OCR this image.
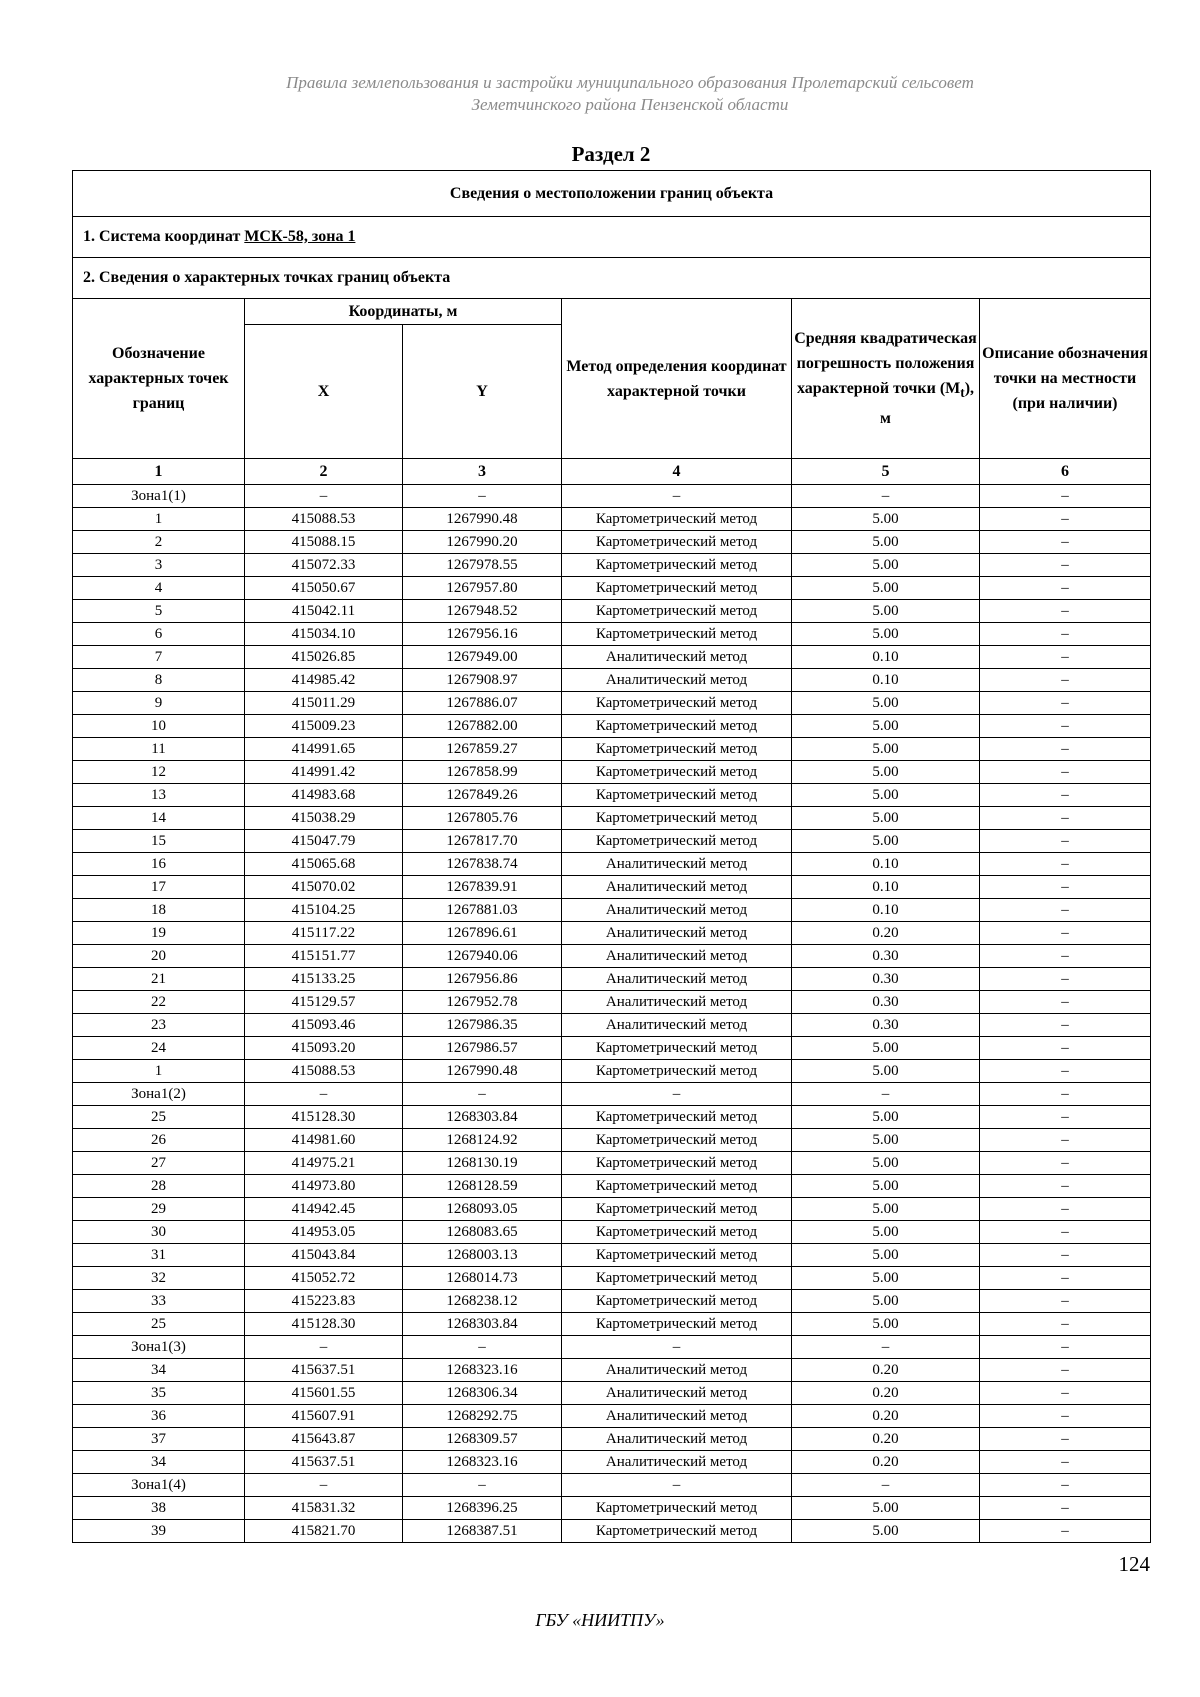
Правила землепользования и застройки муниципального образования Пролетарский сельсовет
Земетчинского района Пензенской области
Раздел 2
Сведения о местоположении границ объекта					
1. Система координат МСК-58, зона 1					
2. Сведения о характерных точках границ объекта					
Обозначение характерных точек границ	Координаты, м		Метод определения координат характерной точки	Средняя квадратическая погрешность положения характерной точки $(M_t)$, м	Описание обозначения точки на местности (при наличии)
	X	Y			
1	2	3	4	5	6
Зона1(1)	–	–	–	–	–
1	415088.53	1267990.48	Картометрический метод	5.00	–
2	415088.15	1267990.20	Картометрический метод	5.00	–
3	415072.33	1267978.55	Картометрический метод	5.00	–
4	415050.67	1267957.80	Картометрический метод	5.00	–
5	415042.11	1267948.52	Картометрический метод	5.00	–
6	415034.10	1267956.16	Картометрический метод	5.00	–
7	415026.85	1267949.00	Аналитический метод	0.10	–
8	414985.42	1267908.97	Аналитический метод	0.10	–
9	415011.29	1267886.07	Картометрический метод	5.00	–
10	415009.23	1267882.00	Картометрический метод	5.00	–
11	414991.65	1267859.27	Картометрический метод	5.00	–
12	414991.42	1267858.99	Картометрический метод	5.00	–
13	414983.68	1267849.26	Картометрический метод	5.00	–
14	415038.29	1267805.76	Картометрический метод	5.00	–
15	415047.79	1267817.70	Картометрический метод	5.00	–
16	415065.68	1267838.74	Аналитический метод	0.10	–
17	415070.02	1267839.91	Аналитический метод	0.10	–
18	415104.25	1267881.03	Аналитический метод	0.10	–
19	415117.22	1267896.61	Аналитический метод	0.20	–
20	415151.77	1267940.06	Аналитический метод	0.30	–
21	415133.25	1267956.86	Аналитический метод	0.30	–
22	415129.57	1267952.78	Аналитический метод	0.30	–
23	415093.46	1267986.35	Аналитический метод	0.30	–
24	415093.20	1267986.57	Картометрический метод	5.00	–
1	415088.53	1267990.48	Картометрический метод	5.00	–
Зона1(2)	–	–	–	–	–
25	415128.30	1268303.84	Картометрический метод	5.00	–
26	414981.60	1268124.92	Картометрический метод	5.00	–
27	414975.21	1268130.19	Картометрический метод	5.00	–
28	414973.80	1268128.59	Картометрический метод	5.00	–
29	414942.45	1268093.05	Картометрический метод	5.00	–
30	414953.05	1268083.65	Картометрический метод	5.00	–
31	415043.84	1268003.13	Картометрический метод	5.00	–
32	415052.72	1268014.73	Картометрический метод	5.00	–
33	415223.83	1268238.12	Картометрический метод	5.00	–
25	415128.30	1268303.84	Картометрический метод	5.00	–
Зона1(3)	–	–	–	–	–
34	415637.51	1268323.16	Аналитический метод	0.20	–
35	415601.55	1268306.34	Аналитический метод	0.20	–
36	415607.91	1268292.75	Аналитический метод	0.20	–
37	415643.87	1268309.57	Аналитический метод	0.20	–
34	415637.51	1268323.16	Аналитический метод	0.20	–
Зона1(4)	–	–	–	–	–
38	415831.32	1268396.25	Картометрический метод	5.00	–
39	415821.70	1268387.51	Картометрический метод	5.00	–
124
ГБУ «НИИТПУ»
